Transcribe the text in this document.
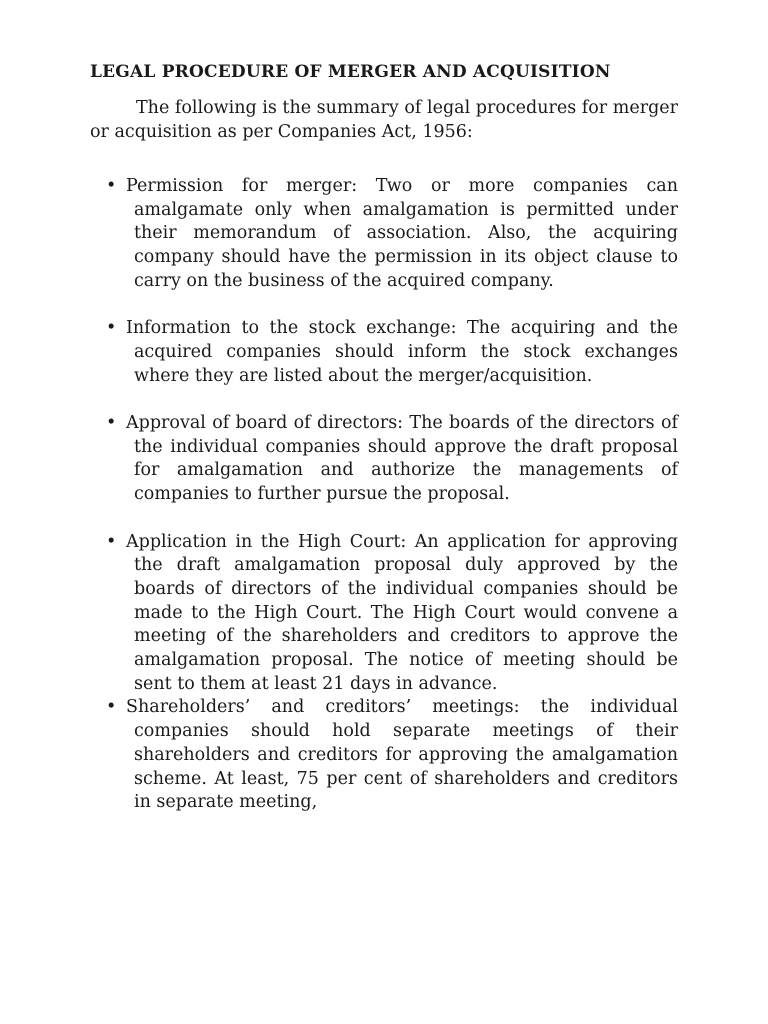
LEGAL PROCEDURE OF MERGER AND ACQUISITION

The following is the summary of legal procedures for merger or acquisition as per Companies Act, 1956:

• Permission for merger: Two or more companies can amalgamate only when amalgamation is permitted under their memorandum of association. Also, the acquiring company should have the permission in its object clause to carry on the business of the acquired company.
• Information to the stock exchange: The acquiring and the acquired companies should inform the stock exchanges where they are listed about the merger/acquisition.
• Approval of board of directors: The boards of the directors of the individual companies should approve the draft proposal for amalgamation and authorize the managements of companies to further pursue the proposal.
• Application in the High Court: An application for approving the draft amalgamation proposal duly approved by the boards of directors of the individual companies should be made to the High Court. The High Court would convene a meeting of the shareholders and creditors to approve the amalgamation proposal. The notice of meeting should be sent to them at least 21 days in advance.
• Shareholders’ and creditors’ meetings: the individual companies should hold separate meetings of their shareholders and creditors for approving the amalgamation scheme. At least, 75 per cent of shareholders and creditors in separate meeting,
